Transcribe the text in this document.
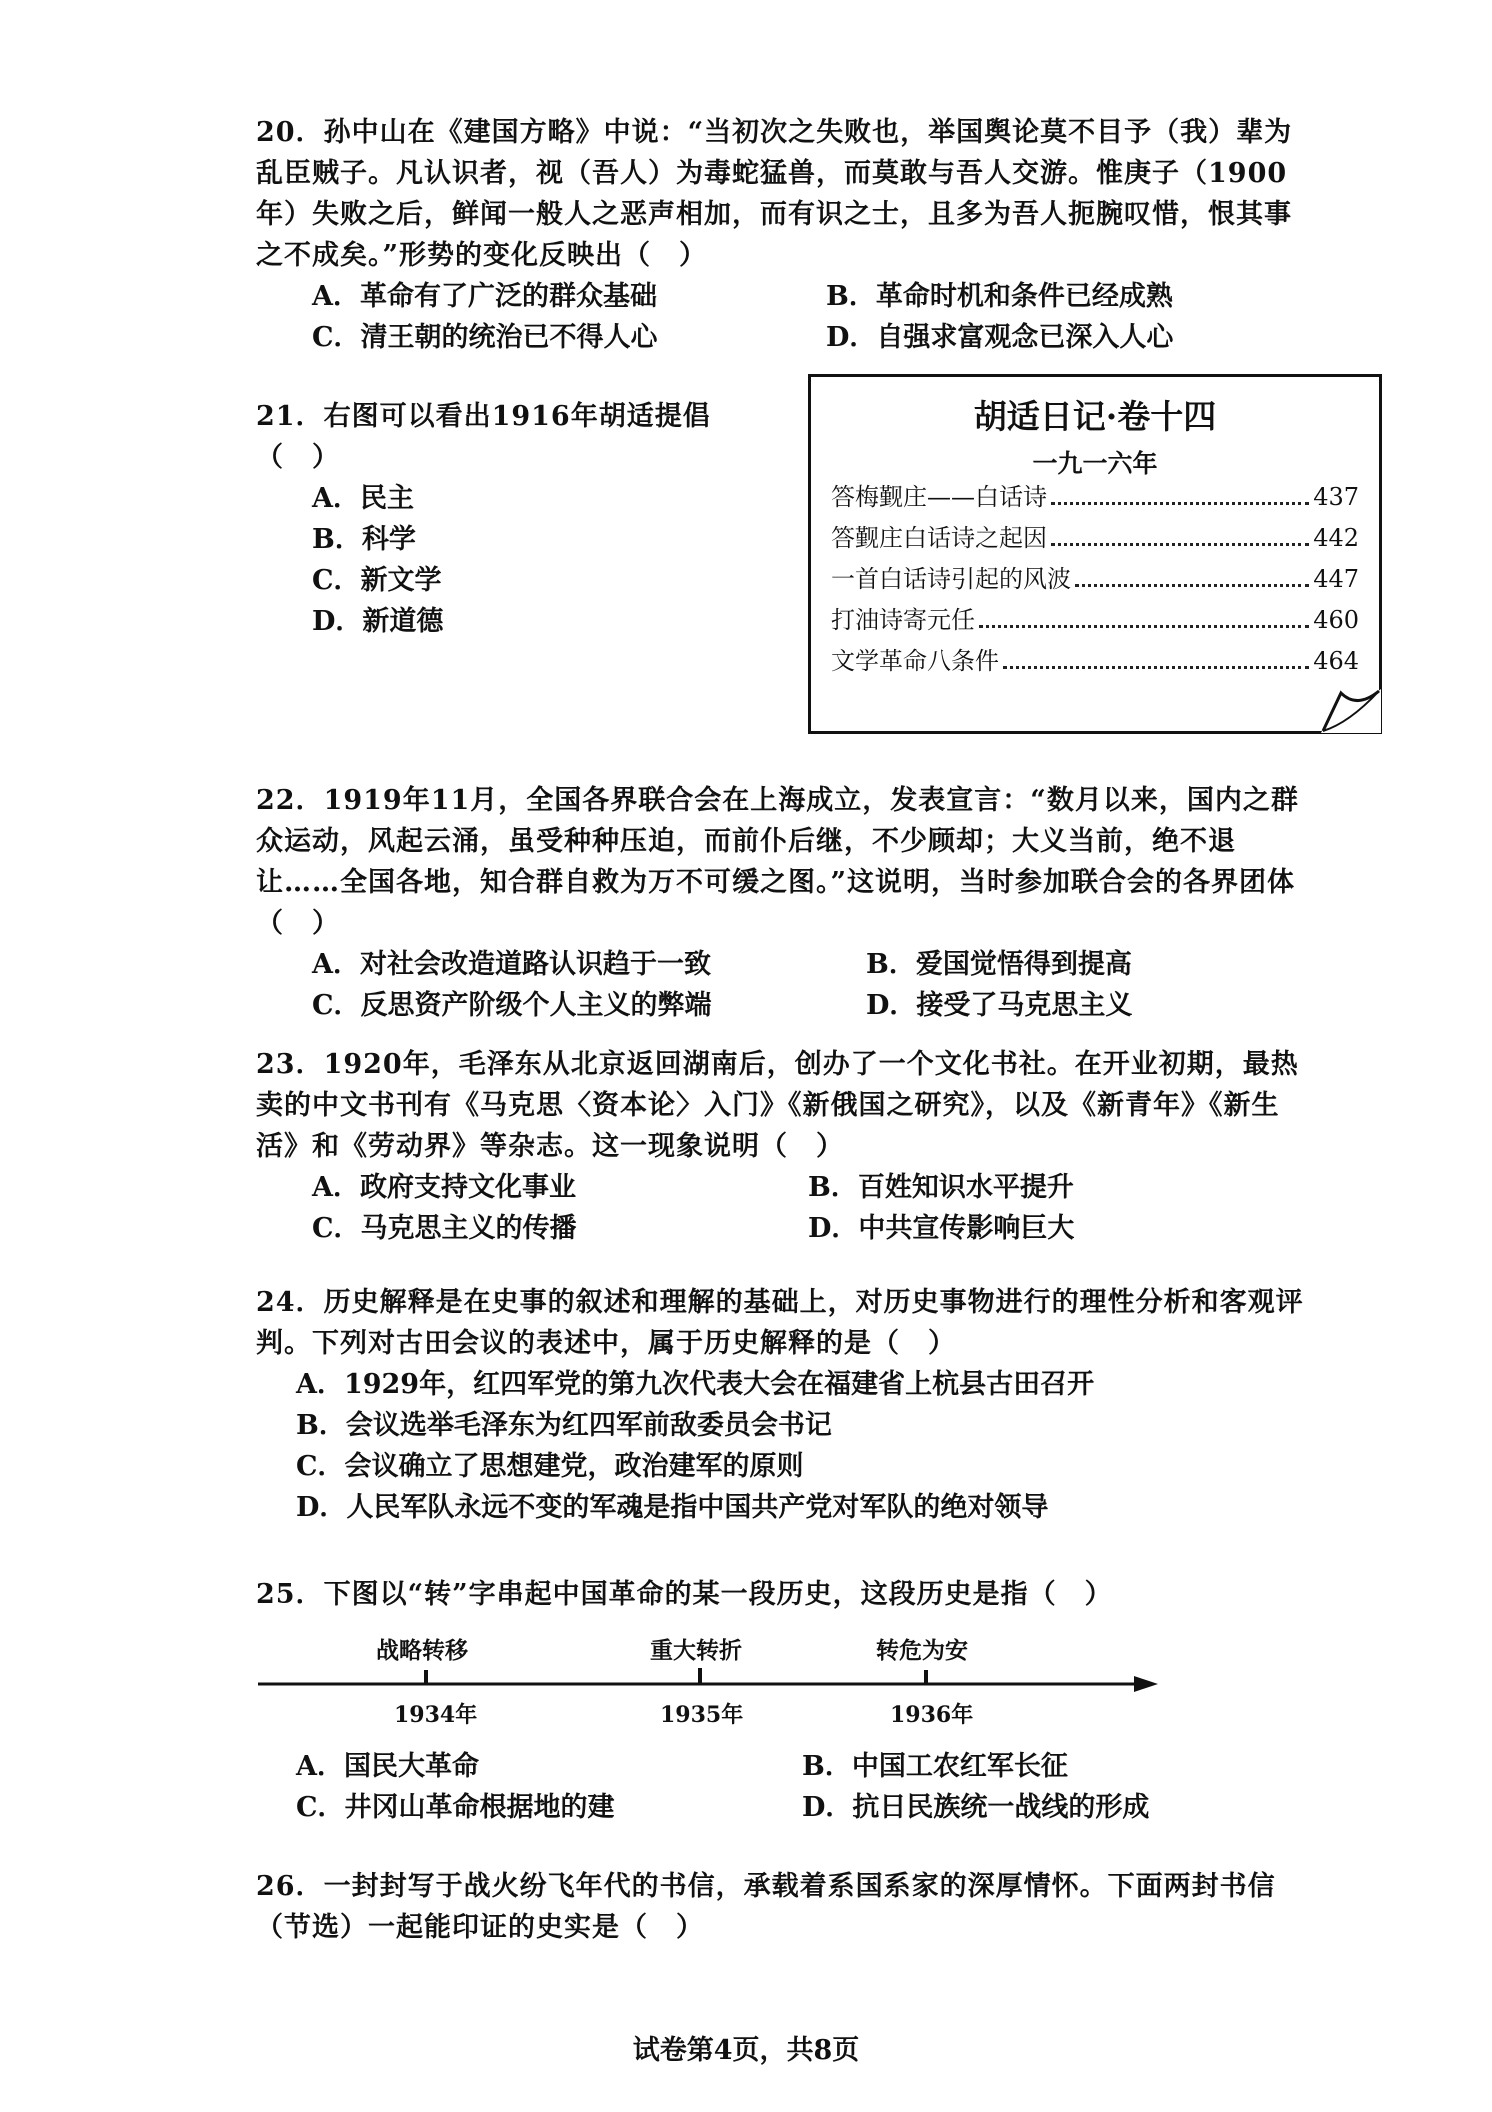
20．孙中山在《建国方略》中说：“当初次之失败也，举国舆论莫不目予（我）辈为乱臣贼子。凡认识者，视（吾人）为毒蛇猛兽，而莫敢与吾人交游。惟庚子（1900年）失败之后，鲜闻一般人之恶声相加，而有识之士，且多为吾人扼腕叹惜，恨其事之不成矣。”形势的变化反映出（　）

A．革命有了广泛的群众基础	B．革命时机和条件已经成熟
C．清王朝的统治已不得人心	D．自强求富观念已深入人心

21．右图可以看出1916年胡适提倡（　）

A．民主
B．科学
C．新文学
D．新道德
胡适日记·卷十四
一九一六年
答梅觐庄——白话诗	437
答觐庄白话诗之起因	442
一首白话诗引起的风波	447
打油诗寄元任	460
文学革命八条件	464

22．1919年11月，全国各界联合会在上海成立，发表宣言：“数月以来，国内之群众运动，风起云涌，虽受种种压迫，而前仆后继，不少顾却；大义当前，绝不退让……全国各地，知合群自救为万不可缓之图。”这说明，当时参加联合会的各界团体（　）

A．对社会改造道路认识趋于一致	B．爱国觉悟得到提高
C．反思资产阶级个人主义的弊端	D．接受了马克思主义

23．1920年，毛泽东从北京返回湖南后，创办了一个文化书社。在开业初期，最热卖的中文书刊有《马克思〈资本论〉入门》《新俄国之研究》，以及《新青年》《新生活》和《劳动界》等杂志。这一现象说明（　）

A．政府支持文化事业	B．百姓知识水平提升
C．马克思主义的传播	D．中共宣传影响巨大

24．历史解释是在史事的叙述和理解的基础上，对历史事物进行的理性分析和客观评判。下列对古田会议的表述中，属于历史解释的是（　）

A．1929年，红四军党的第九次代表大会在福建省上杭县古田召开
B．会议选举毛泽东为红四军前敌委员会书记
C．会议确立了思想建党，政治建军的原则
D．人民军队永远不变的军魂是指中国共产党对军队的绝对领导

25．下图以“转”字串起中国革命的某一段历史，这段历史是指（　）

战略转移	重大转折	转危为安
1934年	1935年	1936年
A．国民大革命	B．中国工农红军长征
C．井冈山革命根据地的建	D．抗日民族统一战线的形成

26．一封封写于战火纷飞年代的书信，承载着系国系家的深厚情怀。下面两封书信（节选）一起能印证的史实是（　）

试卷第4页，共8页
